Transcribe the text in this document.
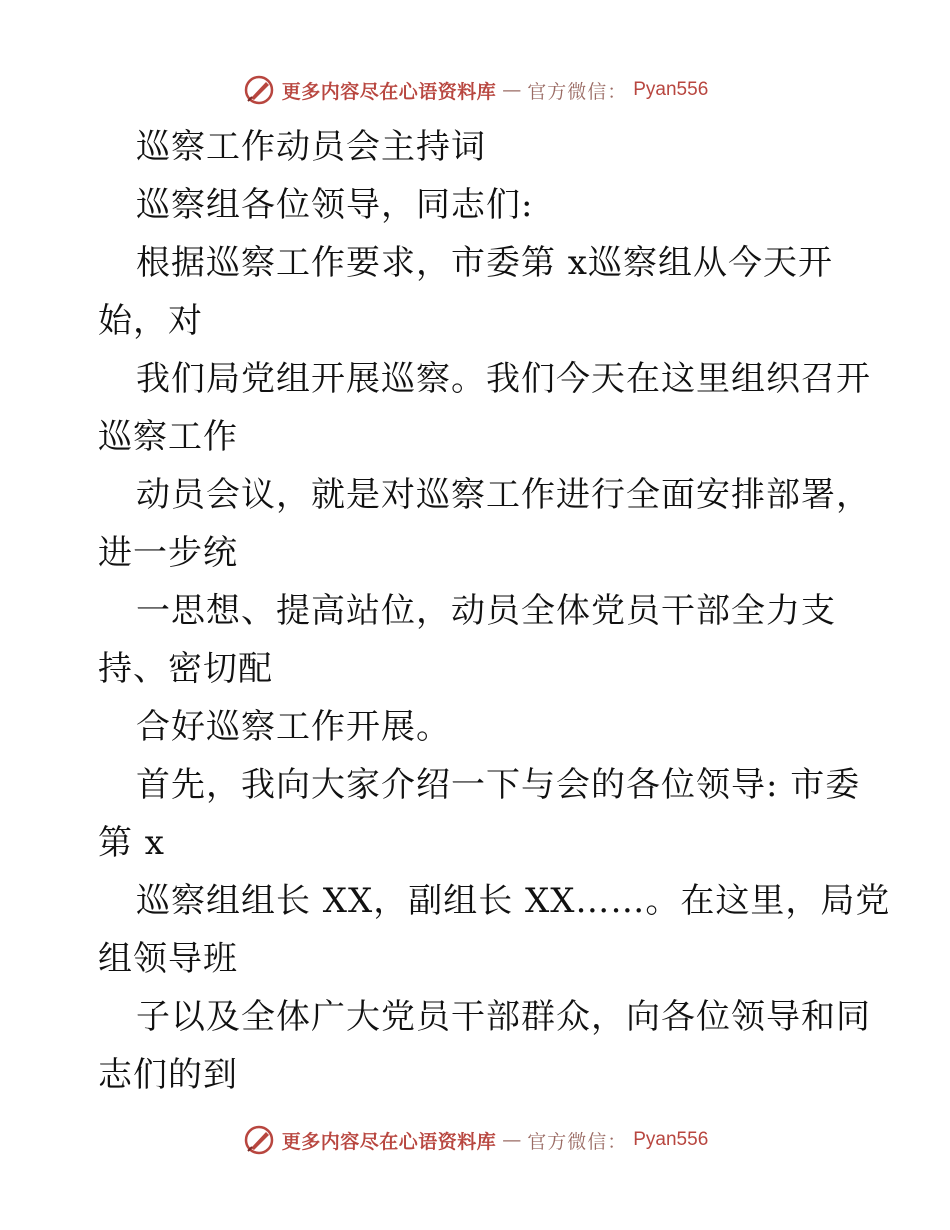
更多内容尽在心语资料库 — 官方微信： Pyan556
巡察工作动员会主持词
巡察组各位领导，同志们:
根据巡察工作要求，市委第 x巡察组从今天开
始，对
我们局党组开展巡察。我们今天在这里组织召开
巡察工作
动员会议，就是对巡察工作进行全面安排部署，
进一步统
一思想、提高站位，动员全体党员干部全力支
持、密切配
合好巡察工作开展。
首先，我向大家介绍一下与会的各位领导: 市委
第 x
巡察组组长 XX，副组长 XX……。在这里，局党
组领导班
子以及全体广大党员干部群众，向各位领导和同
志们的到
更多内容尽在心语资料库 — 官方微信： Pyan556
